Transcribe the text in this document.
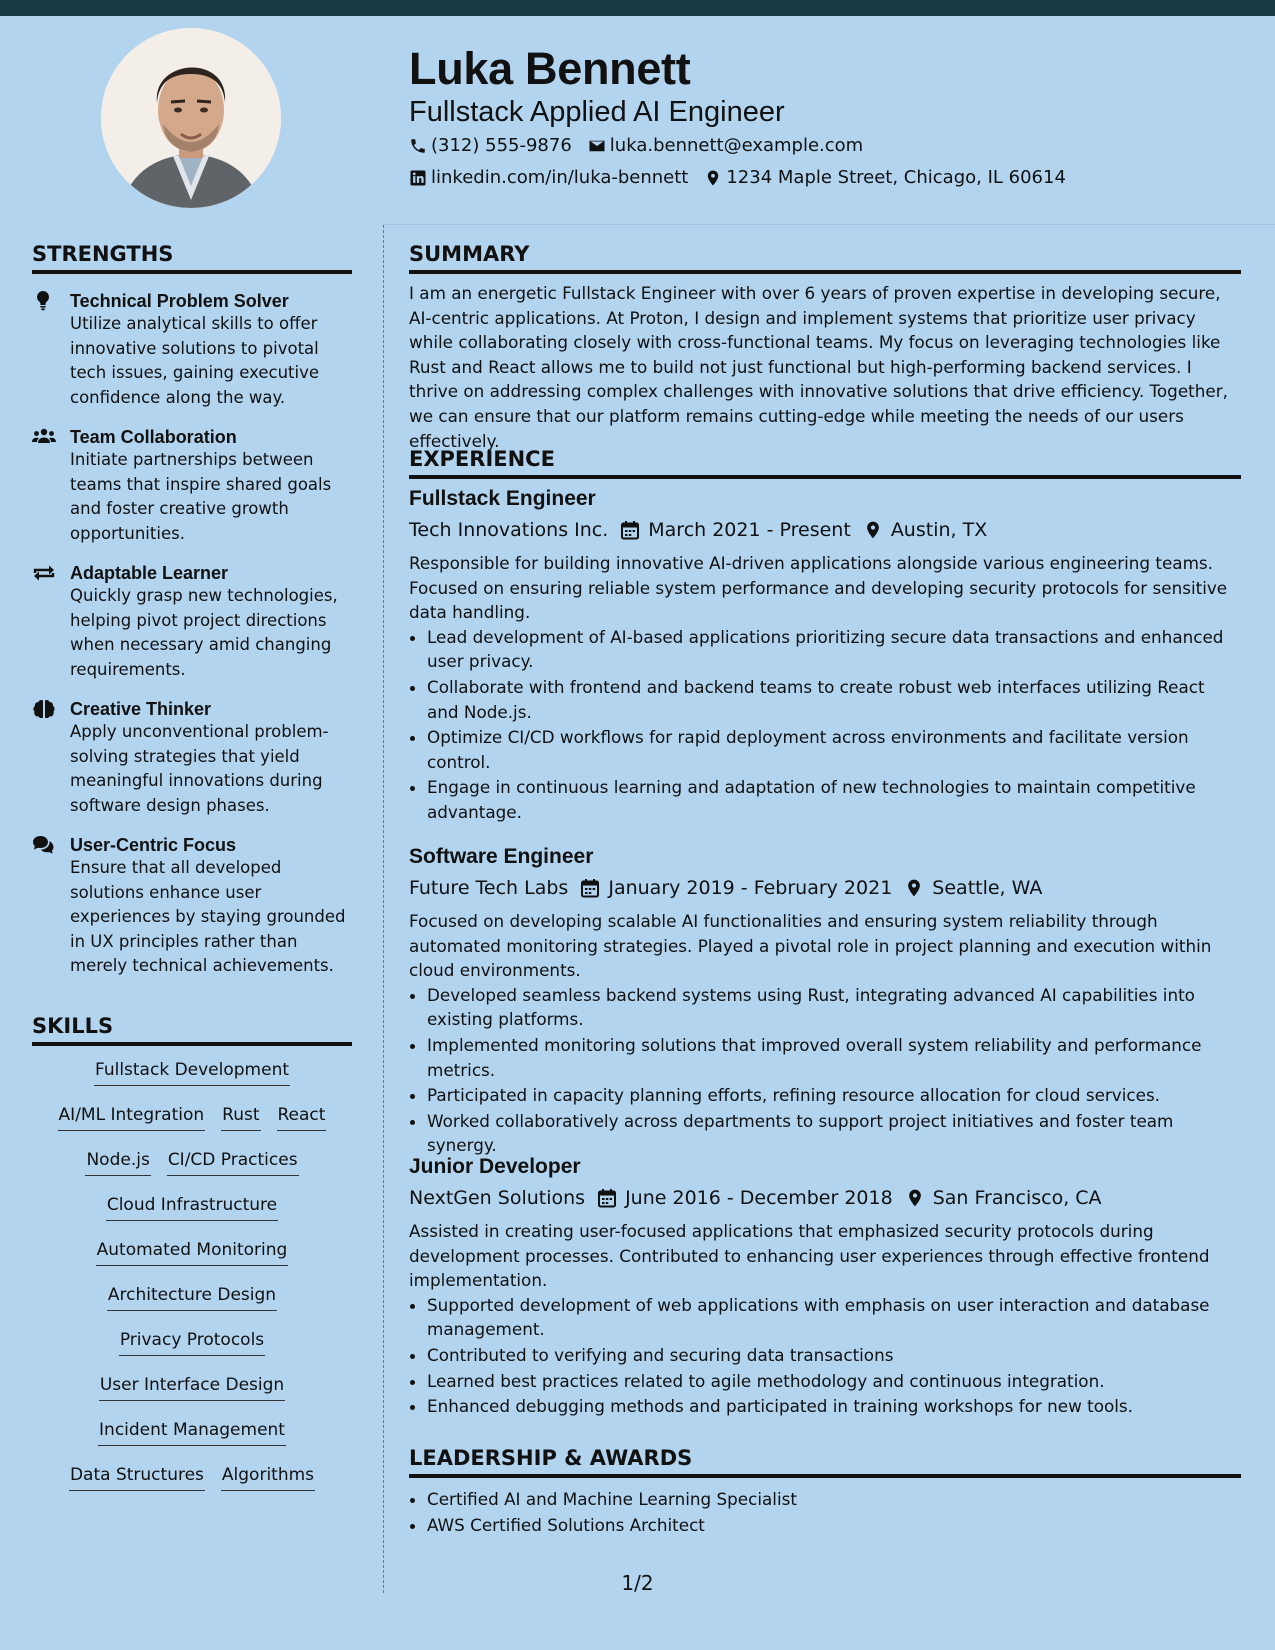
Luka Bennett
Fullstack Applied AI Engineer
(312) 555-9876 luka.bennett@example.com
linkedin.com/in/luka-bennett 1234 Maple Street, Chicago, IL 60614
STRENGTHS
Technical Problem Solver
Utilize analytical skills to offer innovative solutions to pivotal tech issues, gaining executive confidence along the way.
Team Collaboration
Initiate partnerships between teams that inspire shared goals and foster creative growth opportunities.
Adaptable Learner
Quickly grasp new technologies, helping pivot project directions when necessary amid changing requirements.
Creative Thinker
Apply unconventional problem-solving strategies that yield meaningful innovations during software design phases.
User-Centric Focus
Ensure that all developed solutions enhance user experiences by staying grounded in UX principles rather than merely technical achievements.
SKILLS
Fullstack Development
AI/ML Integration Rust React
Node.js CI/CD Practices
Cloud Infrastructure
Automated Monitoring
Architecture Design
Privacy Protocols
User Interface Design
Incident Management
Data Structures Algorithms
SUMMARY
I am an energetic Fullstack Engineer with over 6 years of proven expertise in developing secure, AI-centric applications. At Proton, I design and implement systems that prioritize user privacy while collaborating closely with cross-functional teams. My focus on leveraging technologies like Rust and React allows me to build not just functional but high-performing backend services. I thrive on addressing complex challenges with innovative solutions that drive efficiency. Together, we can ensure that our platform remains cutting-edge while meeting the needs of our users effectively.
EXPERIENCE
Fullstack Engineer
Tech Innovations Inc. March 2021 - Present Austin, TX
Responsible for building innovative AI-driven applications alongside various engineering teams. Focused on ensuring reliable system performance and developing security protocols for sensitive data handling.
• Lead development of AI-based applications prioritizing secure data transactions and enhanced user privacy.
• Collaborate with frontend and backend teams to create robust web interfaces utilizing React and Node.js.
• Optimize CI/CD workflows for rapid deployment across environments and facilitate version control.
• Engage in continuous learning and adaptation of new technologies to maintain competitive advantage.
Software Engineer
Future Tech Labs January 2019 - February 2021 Seattle, WA
Focused on developing scalable AI functionalities and ensuring system reliability through automated monitoring strategies. Played a pivotal role in project planning and execution within cloud environments.
• Developed seamless backend systems using Rust, integrating advanced AI capabilities into existing platforms.
• Implemented monitoring solutions that improved overall system reliability and performance metrics.
• Participated in capacity planning efforts, refining resource allocation for cloud services.
• Worked collaboratively across departments to support project initiatives and foster team synergy.
Junior Developer
NextGen Solutions June 2016 - December 2018 San Francisco, CA
Assisted in creating user-focused applications that emphasized security protocols during development processes. Contributed to enhancing user experiences through effective frontend implementation.
• Supported development of web applications with emphasis on user interaction and database management.
• Contributed to verifying and securing data transactions
• Learned best practices related to agile methodology and continuous integration.
• Enhanced debugging methods and participated in training workshops for new tools.
LEADERSHIP & AWARDS
• Certified AI and Machine Learning Specialist
• AWS Certified Solutions Architect
1/2
